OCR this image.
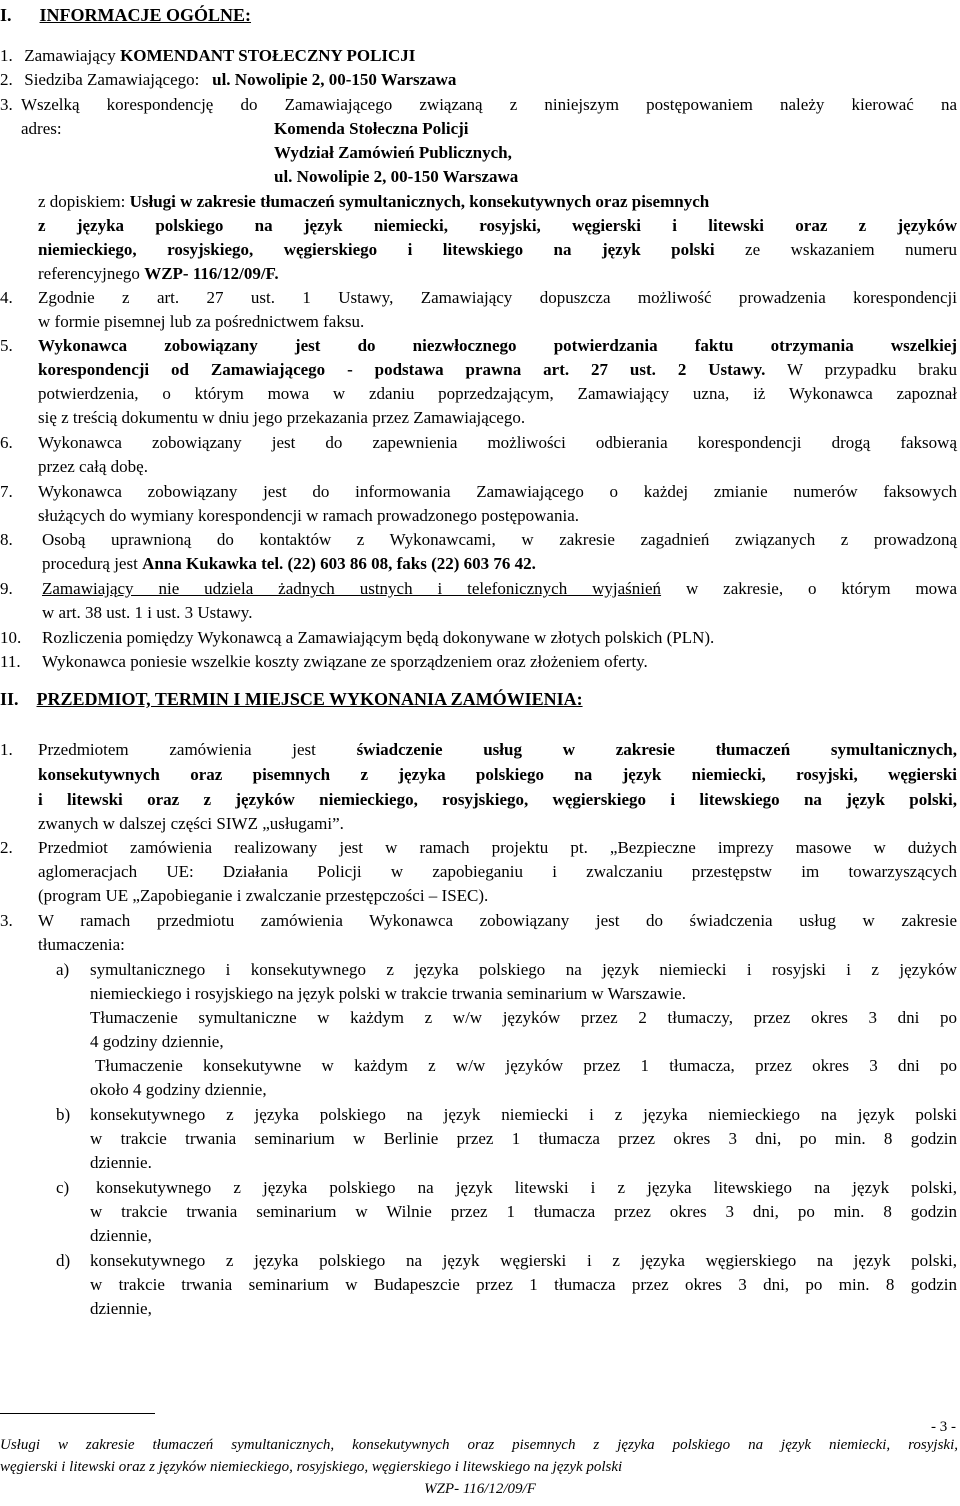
I. INFORMACJE OGÓLNE:
1. Zamawiający KOMENDANT STOŁECZNY POLICJI
2. Siedziba Zamawiającego: ul. Nowolipie 2, 00-150 Warszawa
3. Wszelką korespondencję do Zamawiającego związaną z niniejszym postępowaniem należy kierować na
adres:	Komenda Stołeczna Policji
Wydział Zamówień Publicznych,
ul. Nowolipie 2, 00-150 Warszawa
z dopiskiem: Usługi w zakresie tłumaczeń symultanicznych, konsekutywnych oraz pisemnych
z języka polskiego na język niemiecki, rosyjski, węgierski i litewski oraz z języków
niemieckiego, rosyjskiego, węgierskiego i litewskiego na język polski ze wskazaniem numeru
referencyjnego WZP- 116/12/09/F.
4. Zgodnie z art. 27 ust. 1 Ustawy, Zamawiający dopuszcza możliwość prowadzenia korespondencji
w formie pisemnej lub za pośrednictwem faksu.
5. Wykonawca zobowiązany jest do niezwłocznego potwierdzania faktu otrzymania wszelkiej
korespondencji od Zamawiającego - podstawa prawna art. 27 ust. 2 Ustawy. W przypadku braku
potwierdzenia, o którym mowa w zdaniu poprzedzającym, Zamawiający uzna, iż Wykonawca zapoznał
się z treścią dokumentu w dniu jego przekazania przez Zamawiającego.
6. Wykonawca zobowiązany jest do zapewnienia możliwości odbierania korespondencji drogą faksową
przez całą dobę.
7. Wykonawca zobowiązany jest do informowania Zamawiającego o każdej zmianie numerów faksowych
służących do wymiany korespondencji w ramach prowadzonego postępowania.
8. Osobą uprawnioną do kontaktów z Wykonawcami, w zakresie zagadnień związanych z prowadzoną
procedurą jest Anna Kukawka tel. (22) 603 86 08, faks (22) 603 76 42.
9. Zamawiający nie udziela żadnych ustnych i telefonicznych wyjaśnień w zakresie, o którym mowa
w art. 38 ust. 1 i ust. 3 Ustawy.
10. Rozliczenia pomiędzy Wykonawcą a Zamawiającym będą dokonywane w złotych polskich (PLN).
11. Wykonawca poniesie wszelkie koszty związane ze sporządzeniem oraz złożeniem oferty.
II. PRZEDMIOT, TERMIN I MIEJSCE WYKONANIA ZAMÓWIENIA:
1. Przedmiotem zamówienia jest świadczenie usług w zakresie tłumaczeń symultanicznych,
konsekutywnych oraz pisemnych z języka polskiego na język niemiecki, rosyjski, węgierski
i litewski oraz z języków niemieckiego, rosyjskiego, węgierskiego i litewskiego na język polski,
zwanych w dalszej części SIWZ „usługami”.
2. Przedmiot zamówienia realizowany jest w ramach projektu pt. „Bezpieczne imprezy masowe w dużych
aglomeracjach UE: Działania Policji w zapobieganiu i zwalczaniu przestępstw im towarzyszących
(program UE „Zapobieganie i zwalczanie przestępczości – ISEC).
3. W ramach przedmiotu zamówienia Wykonawca zobowiązany jest do świadczenia usług w zakresie
tłumaczenia:
a) symultanicznego i konsekutywnego z języka polskiego na język niemiecki i rosyjski i z języków
niemieckiego i rosyjskiego na język polski w trakcie trwania seminarium w Warszawie.
Tłumaczenie symultaniczne w każdym z w/w języków przez 2 tłumaczy, przez okres 3 dni po
4 godziny dziennie,
Tłumaczenie konsekutywne w każdym z w/w języków przez 1 tłumacza, przez okres 3 dni po
około 4 godziny dziennie,
b) konsekutywnego z języka polskiego na język niemiecki i z języka niemieckiego na język polski
w trakcie trwania seminarium w Berlinie przez 1 tłumacza przez okres 3 dni, po min. 8 godzin
dziennie.
c) konsekutywnego z języka polskiego na język litewski i z języka litewskiego na język polski,
w trakcie trwania seminarium w Wilnie przez 1 tłumacza przez okres 3 dni, po min. 8 godzin
dziennie,
d) konsekutywnego z języka polskiego na język węgierski i z języka węgierskiego na język polski,
w trakcie trwania seminarium w Budapeszcie przez 1 tłumacza przez okres 3 dni, po min. 8 godzin
dziennie,
- 3 -
Usługi w zakresie tłumaczeń symultanicznych, konsekutywnych oraz pisemnych z języka polskiego na język niemiecki, rosyjski,
węgierski i litewski oraz z języków niemieckiego, rosyjskiego, węgierskiego i litewskiego na język polski
WZP- 116/12/09/F
